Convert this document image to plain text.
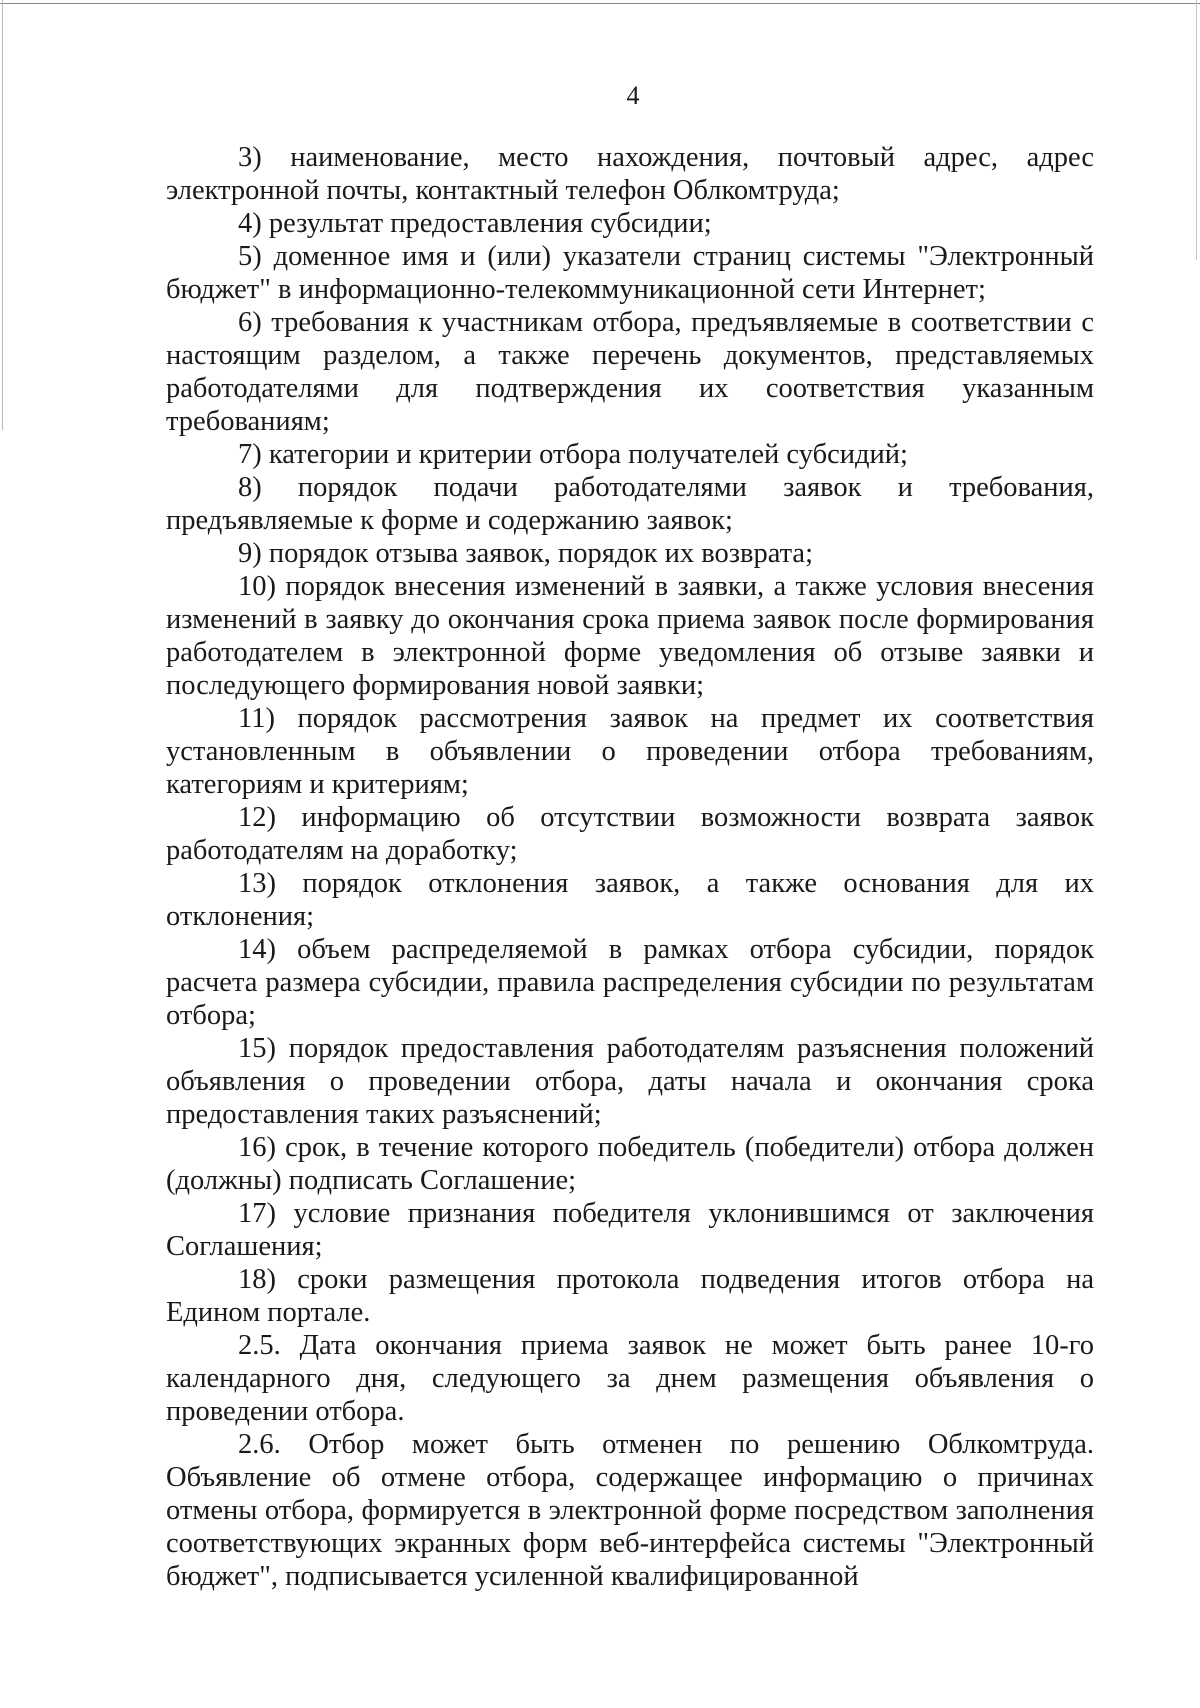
4

3) наименование, место нахождения, почтовый адрес, адрес электронной почты, контактный телефон Облкомтруда;

4) результат предоставления субсидии;

5) доменное имя и (или) указатели страниц системы "Электронный бюджет" в информационно-телекоммуникационной сети Интернет;

6) требования к участникам отбора, предъявляемые в соответствии с настоящим разделом, а также перечень документов, представляемых работодателями для подтверждения их соответствия указанным требованиям;

7) категории и критерии отбора получателей субсидий;

8) порядок подачи работодателями заявок и требования, предъявляемые к форме и содержанию заявок;

9) порядок отзыва заявок, порядок их возврата;

10) порядок внесения изменений в заявки, а также условия внесения изменений в заявку до окончания срока приема заявок после формирования работодателем в электронной форме уведомления об отзыве заявки и последующего формирования новой заявки;

11) порядок рассмотрения заявок на предмет их соответствия установленным в объявлении о проведении отбора требованиям, категориям и критериям;

12) информацию об отсутствии возможности возврата заявок работодателям на доработку;

13) порядок отклонения заявок, а также основания для их отклонения;

14) объем распределяемой в рамках отбора субсидии, порядок расчета размера субсидии, правила распределения субсидии по результатам отбора;

15) порядок предоставления работодателям разъяснения положений объявления о проведении отбора, даты начала и окончания срока предоставления таких разъяснений;

16) срок, в течение которого победитель (победители) отбора должен (должны) подписать Соглашение;

17) условие признания победителя уклонившимся от заключения Соглашения;

18) сроки размещения протокола подведения итогов отбора на Едином портале.

2.5. Дата окончания приема заявок не может быть ранее 10-го календарного дня, следующего за днем размещения объявления о проведении отбора.

2.6. Отбор может быть отменен по решению Облкомтруда. Объявление об отмене отбора, содержащее информацию о причинах отмены отбора, формируется в электронной форме посредством заполнения соответствующих экранных форм веб-интерфейса системы "Электронный бюджет", подписывается усиленной квалифицированной
